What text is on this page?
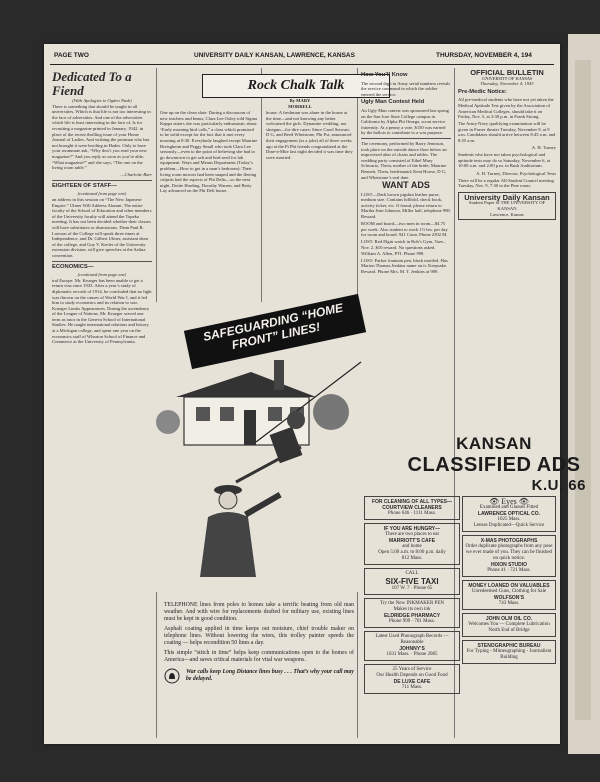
PAGE TWO	UNIVERSITY DAILY KANSAN, LAWRENCE, KANSAS	THURSDAY, NOVEMBER 4, 194
Dedicated To a Fiend
(With Apologies to Ogden Nash)

There is something that should be taught in all universities, Which is that life is not too interesting in the face of adversities. And one of the adversities which life is least interesting in the face of, Is for recruiting a magazine printed in January, 1942, in place of the recent thrilling issue of your Home Journal of Ladies. And wishing the postman who has not brought it were broiling in Hades. Only to have your roommate ask, “Why don’t you read your new magazine?” And you reply as soon as you’re able, “What magazine?” and she says, “The one on the living room table.”

—Charlotte Barr

EIGHTEEN OF STAFF—
(continued from page one)

an address in this session on “The New Japanese Empire.” Ulmer Will Address Alumni. The entire faculty of the School of Education and other members of the University faculty will attend the Topeka meeting. It has not been decided whether their classes will have substitutes or dismissions. Dean Paul B. Lawson of the College will speak three times at Independence, and Dr. Gilbert Ulmer, assistant dean of the college, and Guy V. Keeler of the University extension division, will give speeches at the Salina convention.

ECONOMICS—
(continued from page one)

tral Europe. Mr. Krueger has been unable to get a return visa since 1933. After a year’s study of diplomatic records of 1914, he concluded that no light was thrown on the causes of World War I, and it led him to study economics and its relation to war. Krueger Limits Appearances. During the ascendancy of the League of Nations, Mr. Krueger served one term as tutor in the Geneva School of International Studies. He taught international relations and history at a Michigan college, and spent one year on the economics staff of Wharton School of Finance and Commerce at the University of Pennsylvania.

Rock Chalk Talk
By MARY MORRELL

One up on the clean slate: During a discussion of new teachers and beaus, Clara Lee Oxley told Sigma Kappa sisters she was particularly enthusiastic about “Early morning bird calls,” a class which promised to be solid except for the fact that it met every morning at 8:30. Everybody laughed except Maurine Breisgheim and Peggy Small who took Clara Lee seriously—even to the point of believing she had to go downtown to get salt and bird seed for lab equipment. Ways and Means Department (Today’s problem—How to get in a man’s bedroom): Their living room mirrors had been snaped and the fleeing culprits had the aspects of Phi Delts—so the next night, Dottie Harding, Dorothy Warren, and Betty Lay advanced on the Phi Delt house.

house. A freshman was alone in the house at the time—and not knowing any better welcomed the girls. Dynamite wedding, not shotgun—for dire cases: Since Carol Stewart, D G, and Reed Whetstone, Phi Psi, announced their engagement (as a joke) all of three weeks ago at the Pi Phi friends congratulated at the Dine-a-Mite last night decided it was time they were married.

How You’ll Know

The second digit in Army serial numbers reveals the service command in which the soldier entered the service.

Ugly Man Contest Held

An Ugly Man contest was sponsored last spring on the San Jose State College campus in California by Alpha Phi Omega, scout service fraternity. At a penny a vote, $150 was earned by the ballots to contribute to a war purpose.

The ceremony, performed by Barry Jennison, took place on the outside dance floor below an improvised altar of chairs and tables. The wedding party consisted of Ethel Mary Schwartz, Theta, mother of the bride; Maurine Bennett, Theta, bridesmaid; Kent Hoose, D G, and Whetstone’s real date.

WANT ADS

LOST—Dark brown pigskin leather purse, medium size. Contains billfold, check book, activity ticket, etc. If found, please return to Martha Jean Johnson, Miller hall, telephone 980. Reward.

ROOM and board—two men in room—$4.75 per week. Also student to work 1½ hrs. per day for room and board. 941 Conn. Phone 2392 M.

LOST: Red Elgin watch in Rob’s Gym, Tues., Nov. 2. $10 reward. No questions asked. William A. Allen, PTI. Phone 998.

LOST: Parker fountain pen, black mottled. Has Marion Thomas Jenkins name on it. Keepsake. Reward. Phone Mrs. M. T. Jenkins at 989.

OFFICIAL BULLETIN
UNIVERSITY OF KANSAS
Thursday, November 4, 1943
Pre-Medic Notice:

All pre-medical students who have not yet taken the Medical Aptitude Test given by the Association of American Medical Colleges, should take it on Friday, Nov. 5, at 2:30 p.m. in Frank Strong.

The Army-Navy qualifying examination will be given in Fraser theater Tuesday, November 9, at 9 a.m. Candidates should arrive between 8:45 a.m. and 8:55 a.m.

A. H. Turney

Students who have not taken psychological and aptitude tests may do so Saturday, November 6, at 10:00 a.m. and 2:00 p.m. in Bush Auditorium.

A. H. Turney, Director, Psychological Tests

There will be a regular All-Student Council meeting Tuesday, Nov. 9, 7:30 in the Pine room.

University Daily Kansan
Student Paper of THE UNIVERSITY OF KANSAN
Lawrence, Kansas
KANSAN
CLASSIFIED ADS
K.U. 66
FOR CLEANING OF ALL TYPES—
COURTVIEW CLEANERS
Phone 646 · 1111 Mass.
IF YOU ARE HUNGRY—
There are two places to eat
MARRIOTT’S CAFE
and home
Open 5:00 a.m. to 8:00 p.m. daily
812 Mass.
CALL
SIX-FIVE TAXI
107 W. 7 · Phone 65
Try the New INKMAKER PEN
Makes its own ink
ELDRIDGE PHARMACY
Phone 999 · 701 Mass.
Latest Used Phonograph Records — Reasonable
JOHNNY’S
1031 Mass. · Phone 2085
25 Years of Service
Our Health Depends on Good Food
DE LUXE CAFE
711 Mass.
👁 Eyes 👁
Examined and Glasses Fitted
LAWRENCE OPTICAL CO.
1025 Mass.
Lenses Duplicated—Quick Service
X-MAS PHOTOGRAPHS
Order duplicate photographs from any pose we ever made of you. They can be finished on quick notice.
HIXON STUDIO
Phone 41 · 721 Mass.
MONEY LOANED ON VALUABLES
Unredeemed Guns, Clothing for Sale
WOLFSON’S
743 Mass.
JOHN OLM OIL CO.
Welcomes You — Complete Lubrication
North End of Bridge
STENOGRAPHIC BUREAU
For Typing - Mimeographing - Journalism Building

TELEPHONE lines from poles to homes take a terrific beating from old man weather. And with wire for replacements drafted for military use, existing lines must be kept in good condition.

Asphalt coating applied in time keeps out moisture, chief trouble maker on telephone lines. Without lowering the wires, this trolley painter speeds the coating — helps recondition 50 lines a day.

This simple “stitch in time” helps keep communications open to the homes of America—and saves critical materials for vital war weapons.

War calls keep Long Distance lines busy . . . That’s why your call may be delayed.
SAFEGUARDING “HOME FRONT” LINES!
